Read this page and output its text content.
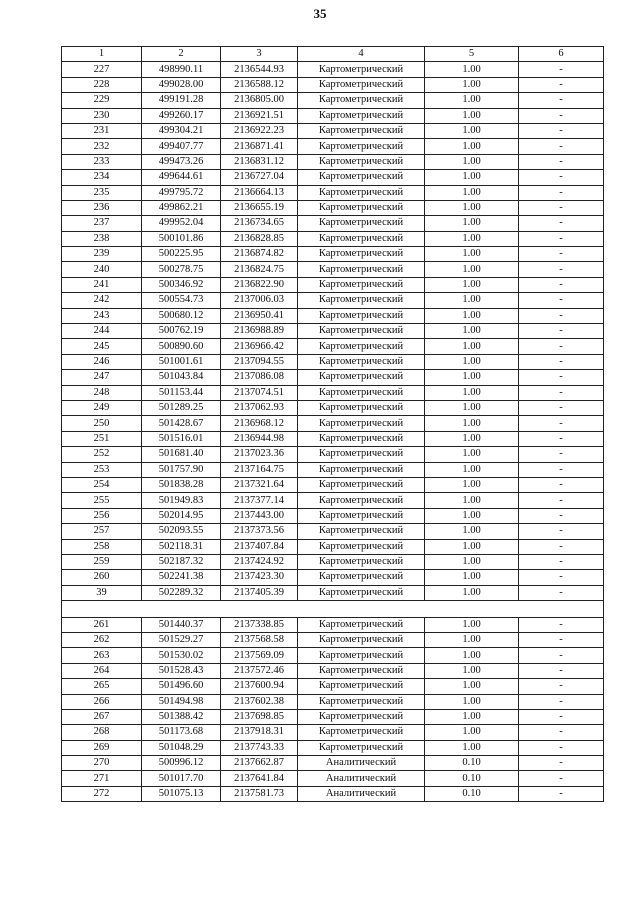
35
1	2	3	4	5	6
227	498990.11	2136544.93	Картометрический	1.00	-
228	499028.00	2136588.12	Картометрический	1.00	-
229	499191.28	2136805.00	Картометрический	1.00	-
230	499260.17	2136921.51	Картометрический	1.00	-
231	499304.21	2136922.23	Картометрический	1.00	-
232	499407.77	2136871.41	Картометрический	1.00	-
233	499473.26	2136831.12	Картометрический	1.00	-
234	499644.61	2136727.04	Картометрический	1.00	-
235	499795.72	2136664.13	Картометрический	1.00	-
236	499862.21	2136655.19	Картометрический	1.00	-
237	499952.04	2136734.65	Картометрический	1.00	-
238	500101.86	2136828.85	Картометрический	1.00	-
239	500225.95	2136874.82	Картометрический	1.00	-
240	500278.75	2136824.75	Картометрический	1.00	-
241	500346.92	2136822.90	Картометрический	1.00	-
242	500554.73	2137006.03	Картометрический	1.00	-
243	500680.12	2136950.41	Картометрический	1.00	-
244	500762.19	2136988.89	Картометрический	1.00	-
245	500890.60	2136966.42	Картометрический	1.00	-
246	501001.61	2137094.55	Картометрический	1.00	-
247	501043.84	2137086.08	Картометрический	1.00	-
248	501153.44	2137074.51	Картометрический	1.00	-
249	501289.25	2137062.93	Картометрический	1.00	-
250	501428.67	2136968.12	Картометрический	1.00	-
251	501516.01	2136944.98	Картометрический	1.00	-
252	501681.40	2137023.36	Картометрический	1.00	-
253	501757.90	2137164.75	Картометрический	1.00	-
254	501838.28	2137321.64	Картометрический	1.00	-
255	501949.83	2137377.14	Картометрический	1.00	-
256	502014.95	2137443.00	Картометрический	1.00	-
257	502093.55	2137373.56	Картометрический	1.00	-
258	502118.31	2137407.84	Картометрический	1.00	-
259	502187.32	2137424.92	Картометрический	1.00	-
260	502241.38	2137423.30	Картометрический	1.00	-
39	502289.32	2137405.39	Картометрический	1.00	-

261	501440.37	2137338.85	Картометрический	1.00	-
262	501529.27	2137568.58	Картометрический	1.00	-
263	501530.02	2137569.09	Картометрический	1.00	-
264	501528.43	2137572.46	Картометрический	1.00	-
265	501496.60	2137600.94	Картометрический	1.00	-
266	501494.98	2137602.38	Картометрический	1.00	-
267	501388.42	2137698.85	Картометрический	1.00	-
268	501173.68	2137918.31	Картометрический	1.00	-
269	501048.29	2137743.33	Картометрический	1.00	-
270	500996.12	2137662.87	Аналитический	0.10	-
271	501017.70	2137641.84	Аналитический	0.10	-
272	501075.13	2137581.73	Аналитический	0.10	-
